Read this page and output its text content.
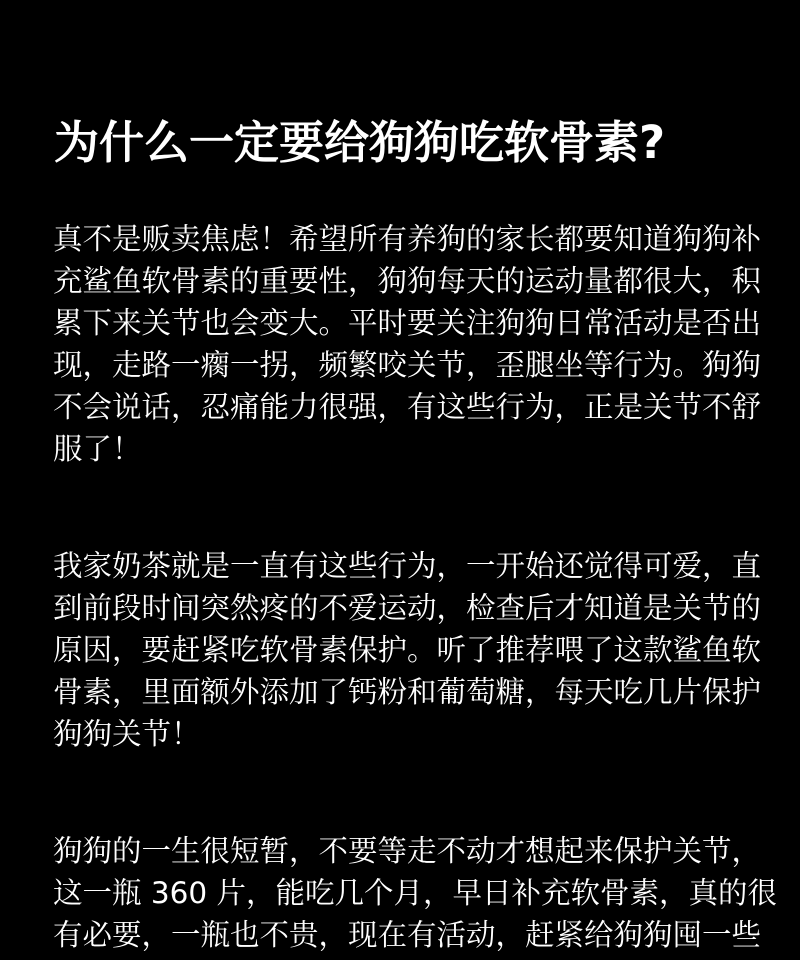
为什么一定要给狗狗吃软骨素?
真不是贩卖焦虑！希望所有养狗的家长都要知道狗狗补
充鲨鱼软骨素的重要性，狗狗每天的运动量都很大，积
累下来关节也会变大。平时要关注狗狗日常活动是否出
现，走路一瘸一拐，频繁咬关节，歪腿坐等行为。狗狗
不会说话，忍痛能力很强，有这些行为，正是关节不舒
服了！
我家奶茶就是一直有这些行为，一开始还觉得可爱，直
到前段时间突然疼的不爱运动，检查后才知道是关节的
原因，要赶紧吃软骨素保护。听了推荐喂了这款鲨鱼软
骨素，里面额外添加了钙粉和葡萄糖，每天吃几片保护
狗狗关节！
狗狗的一生很短暂，不要等走不动才想起来保护关节，
这一瓶 360 片，能吃几个月，早日补充软骨素，真的很
有必要，一瓶也不贵，现在有活动，赶紧给狗狗囤一些
